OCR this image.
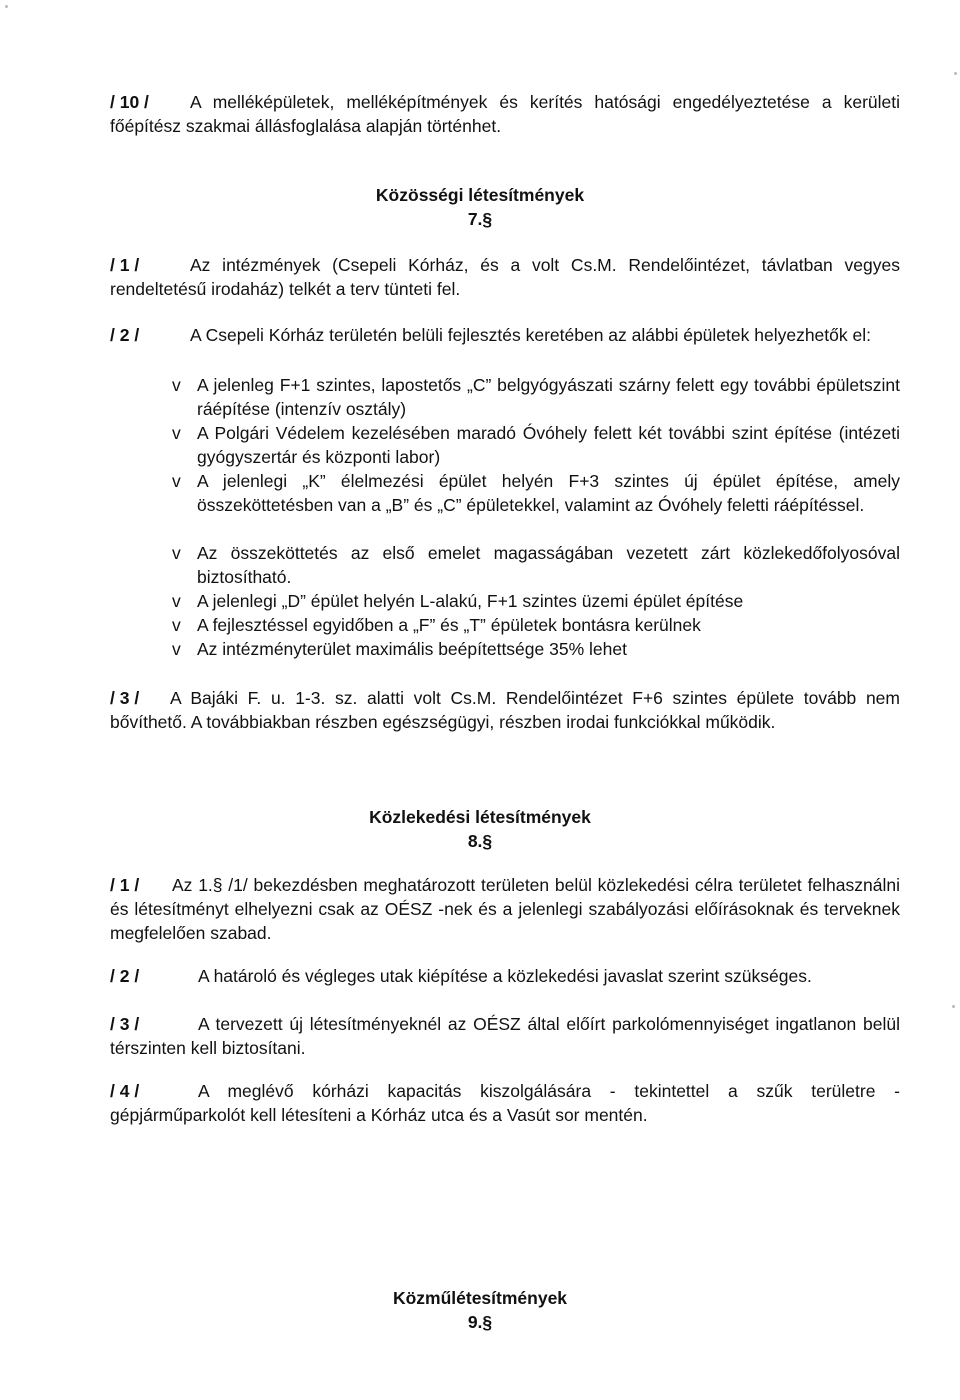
/ 10 / A melléképületek, melléképítmények és kerítés hatósági engedélyeztetése a kerületi főépítész szakmai állásfoglalása alapján történhet.

Közösségi létesítmények

7.§

/ 1 /	Az intézmények (Csepeli Kórház, és a volt Cs.M. Rendelőintézet, távlatban vegyes rendeltetésű irodaház) telkét a terv tünteti fel.

/ 2 /	A Csepeli Kórház területén belüli fejlesztés keretében az alábbi épületek helyezhetők el:

v A jelenleg F+1 szintes, lapostetős „C” belgyógyászati szárny felett egy további épületszint ráépítése (intenzív osztály)
v A Polgári Védelem kezelésében maradó Óvóhely felett két további szint építése (intézeti gyógyszertár és központi labor)
v A jelenlegi „K” élelmezési épület helyén F+3 szintes új épület építése, amely összeköttetésben van a „B” és „C” épületekkel, valamint az Óvóhely feletti ráépítéssel.
v Az összeköttetés az első emelet magasságában vezetett zárt közlekedőfolyosóval biztosítható.
v A jelenlegi „D” épület helyén L-alakú, F+1 szintes üzemi épület építése
v A fejlesztéssel egyidőben a „F” és „T” épületek bontásra kerülnek
v Az intézményterület maximális beépítettsége 35% lehet

/ 3 / A Bajáki F. u. 1-3. sz. alatti volt Cs.M. Rendelőintézet F+6 szintes épülete tovább nem bővíthető. A továbbiakban részben egészségügyi, részben irodai funkciókkal működik.

Közlekedési létesítmények

8.§

/ 1 / Az 1.§ /1/ bekezdésben meghatározott területen belül közlekedési célra területet felhasználni és létesítményt elhelyezni csak az OÉSZ -nek és a jelenlegi szabályozási előírásoknak és terveknek megfelelően szabad.

/ 2 /	A határoló és végleges utak kiépítése a közlekedési javaslat szerint szükséges.

/ 3 /	A tervezett új létesítményeknél az OÉSZ által előírt parkolómennyiséget ingatlanon belül térszinten kell biztosítani.

/ 4 /	A meglévő kórházi kapacitás kiszolgálására - tekintettel a szűk területre - gépjárműparkolót kell létesíteni a Kórház utca és a Vasút sor mentén.

Közműlétesítmények

9.§
